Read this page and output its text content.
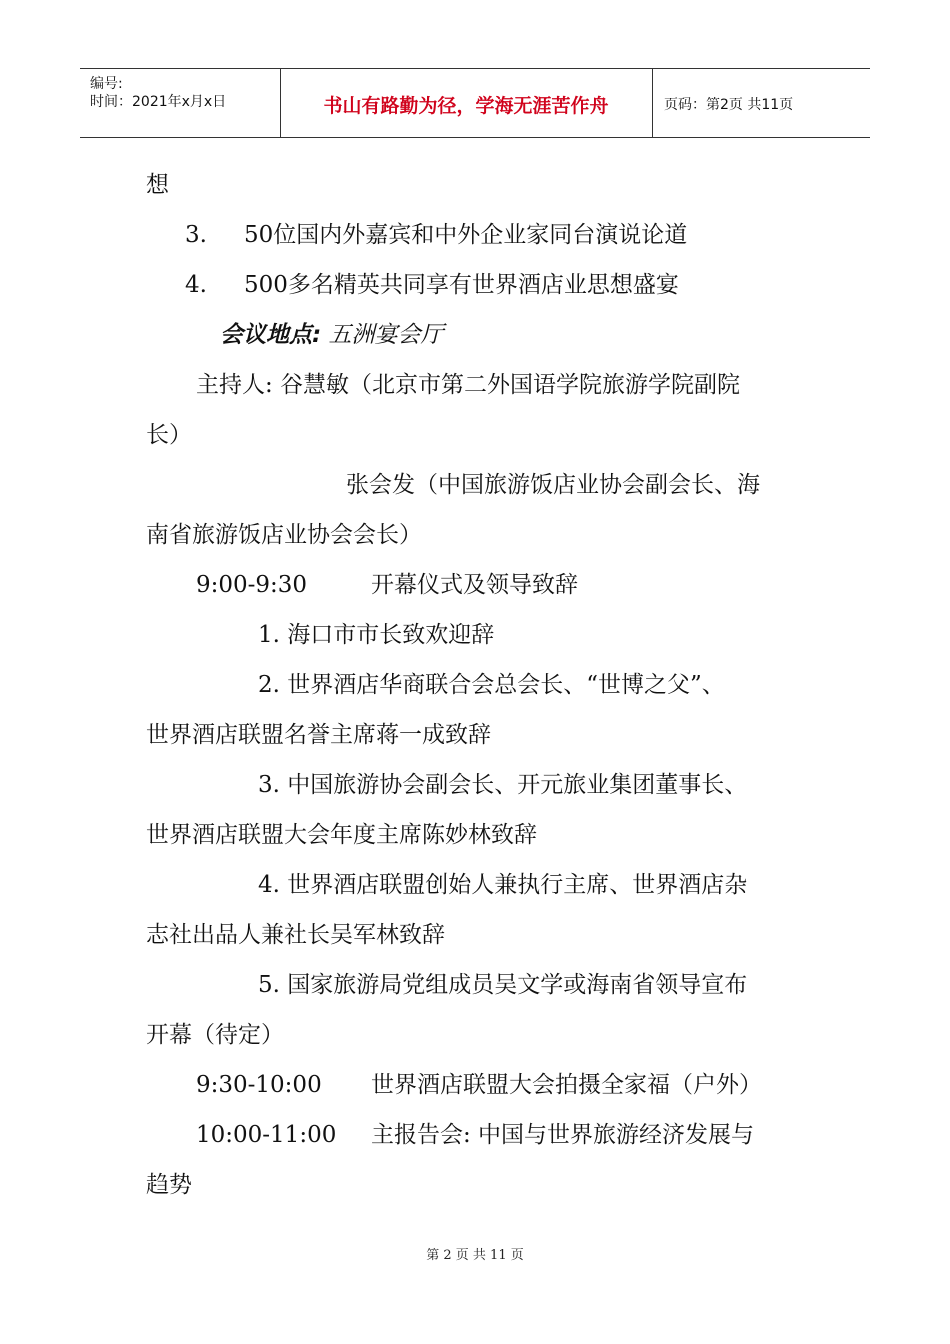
编号:
时间：2021年x月x日	书山有路勤为径，学海无涯苦作舟	页码：第2页 共11页
想
3. 50位国内外嘉宾和中外企业家同台演说论道
4. 500多名精英共同享有世界酒店业思想盛宴
会议地点: 五洲宴会厅
主持人: 谷慧敏（北京市第二外国语学院旅游学院副院
长）
张会发（中国旅游饭店业协会副会长、海
南省旅游饭店业协会会长）
9:00-9:30	开幕仪式及领导致辞
1. 海口市市长致欢迎辞
2. 世界酒店华商联合会总会长、“世博之父”、
世界酒店联盟名誉主席蒋一成致辞
3. 中国旅游协会副会长、开元旅业集团董事长、
世界酒店联盟大会年度主席陈妙林致辞
4. 世界酒店联盟创始人兼执行主席、世界酒店杂
志社出品人兼社长吴军林致辞
5. 国家旅游局党组成员吴文学或海南省领导宣布
开幕（待定）
9:30-10:00 世界酒店联盟大会拍摄全家福（户外）
10:00-11:00 主报告会: 中国与世界旅游经济发展与
趋势
第 2 页 共 11 页
